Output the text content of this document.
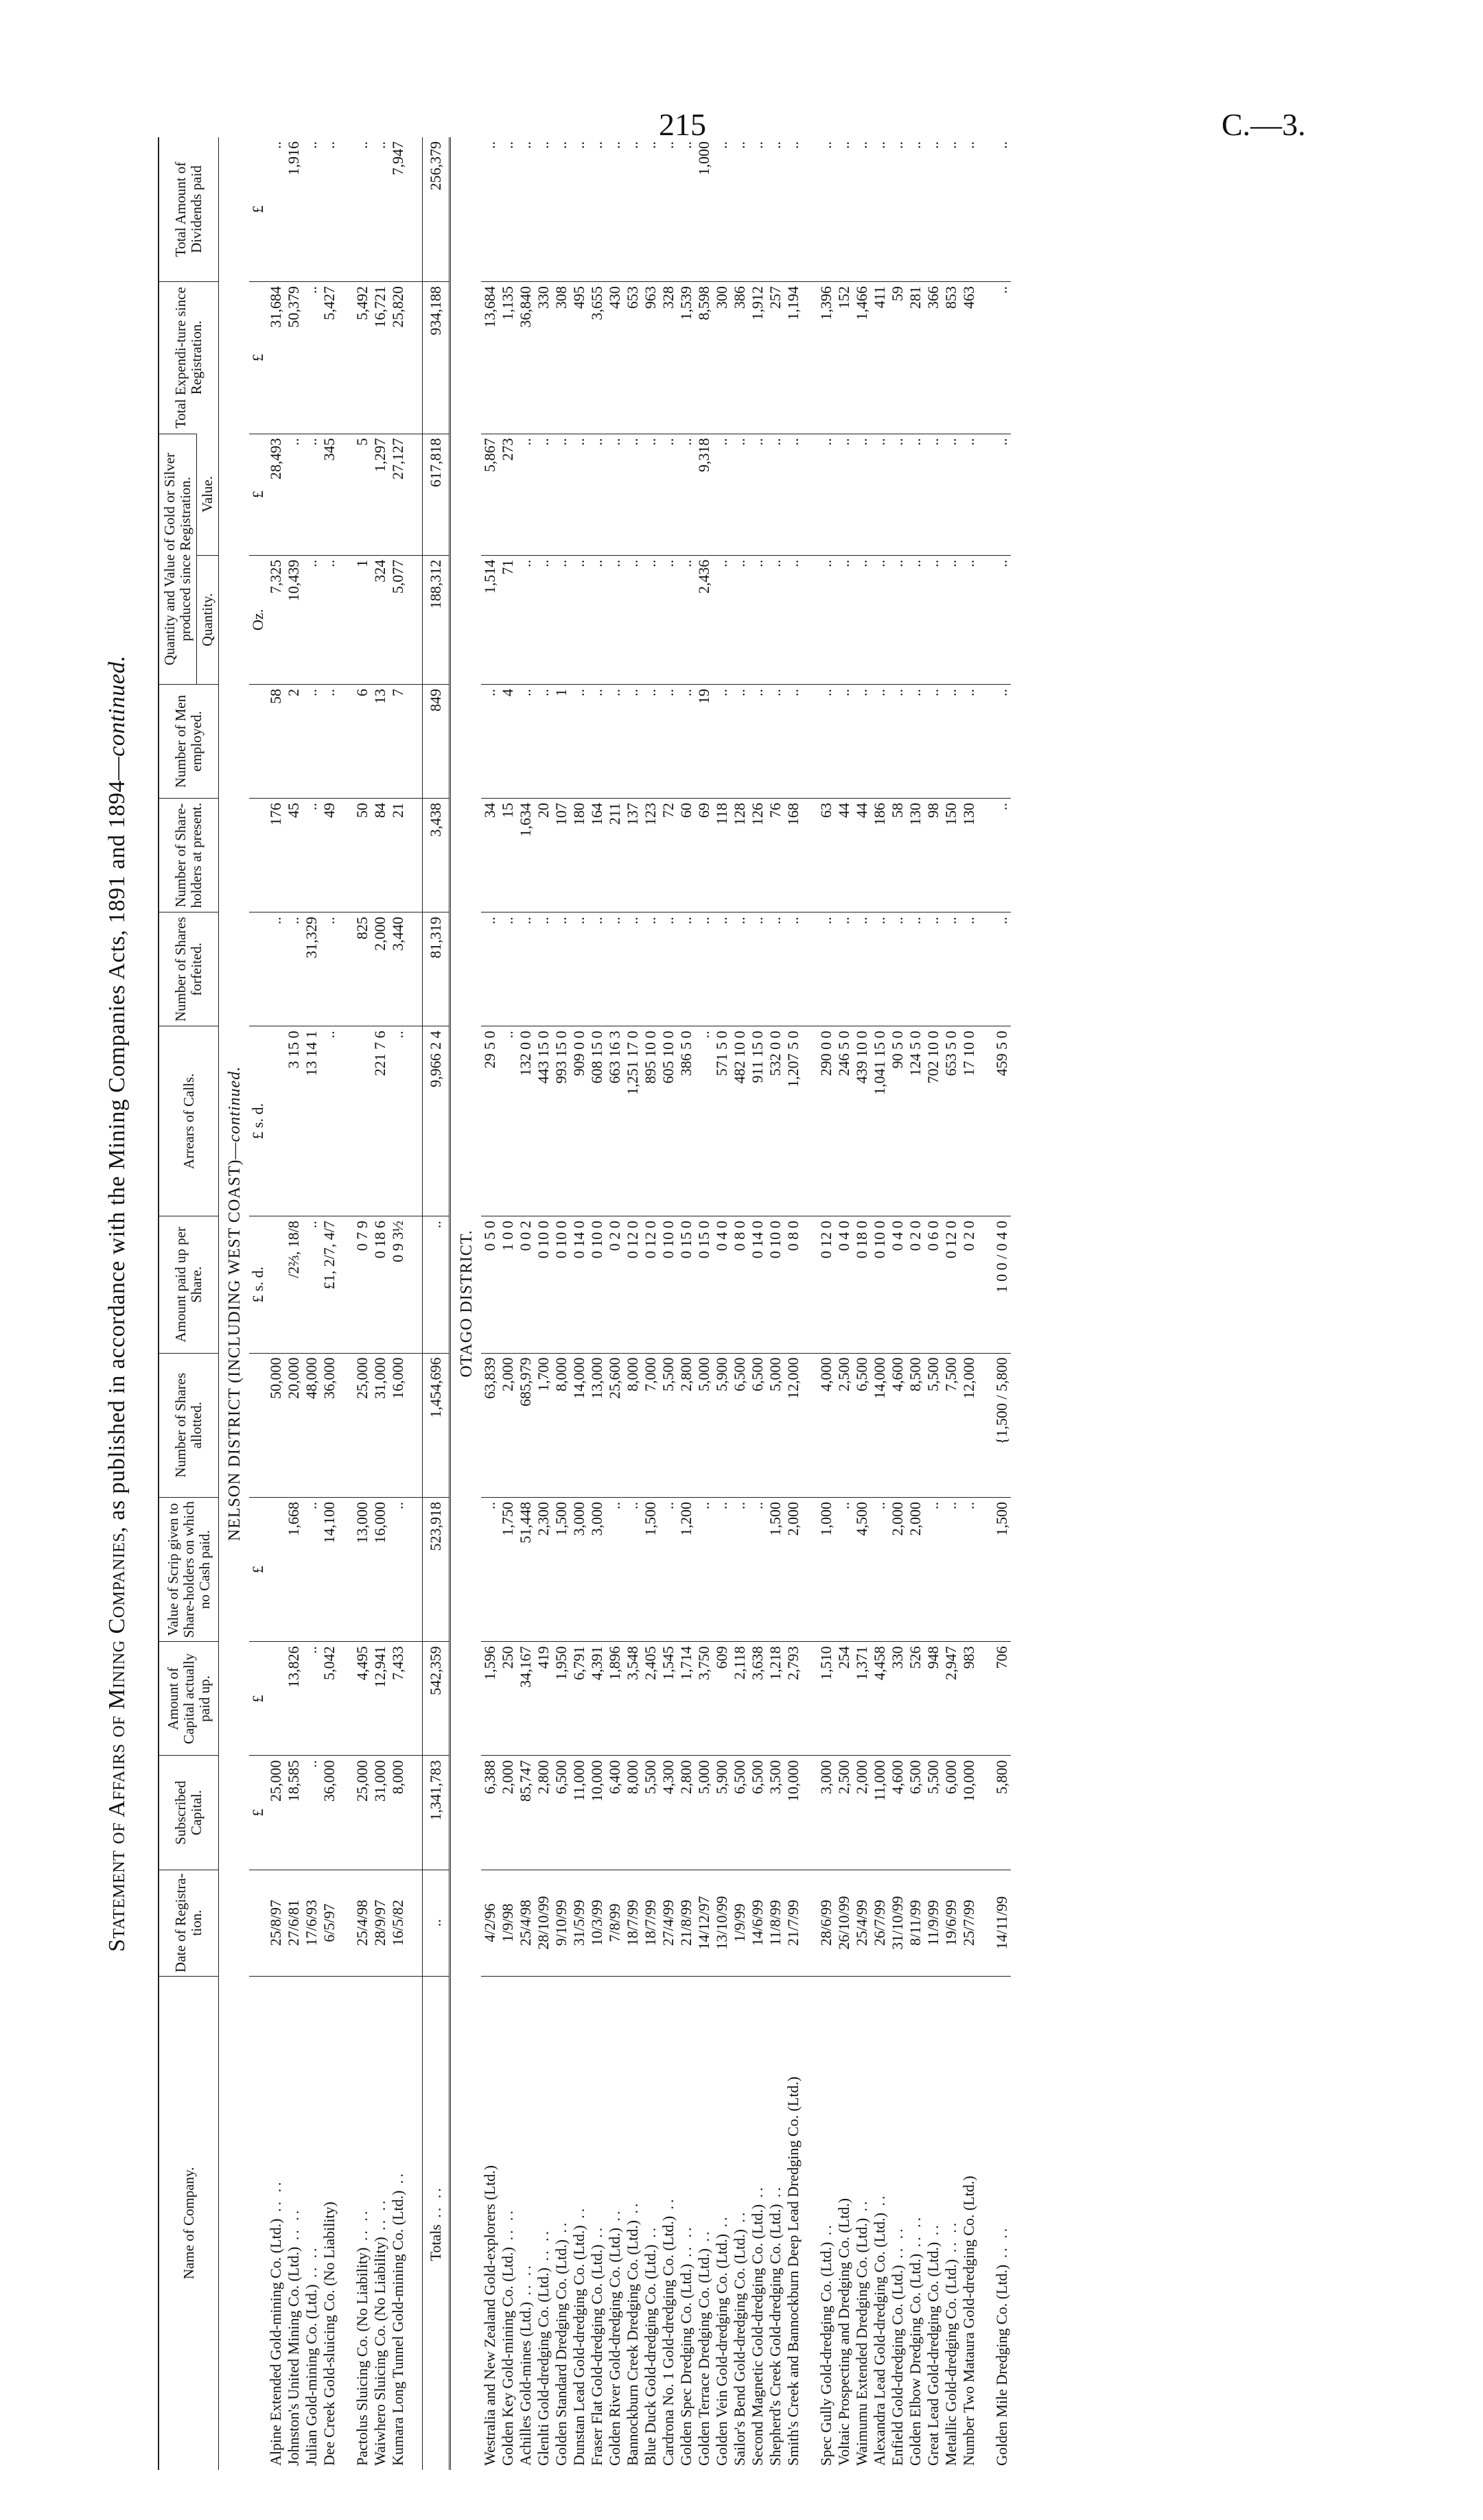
215	C.—3.
Statement of Affairs of Mining Companies, as published in accordance with the Mining Companies Acts, 1891 and 1894—continued.
Name of Company.	Date of Registra-tion.	Subscribed Capital.	Amount of Capital actually paid up.	Value of Scrip given to Share-holders on which no Cash paid.	Number of Shares allotted.	Amount paid up per Share.	Arrears of Calls.	Number of Shares forfeited.	Number of Share-holders at present.	Number of Men employed.	Quantity and Value of Gold or Silver produced since Registration.		Total Expendi-ture since Registration.	Total Amount of Dividends paid
											Quantity.	Value.		
NELSON DISTRICT (INCLUDING WEST COAST)—continued.														
		£	£	£		£ s. d.	£ s. d.				Oz.	£	£	£
Alpine Extended Gold-mining Co. (Ltd.) .. ..	25/8/97	25,000			50,000			..	176	58	7,325	28,493	31,684	..
Johnston's United Mining Co. (Ltd.) .. ..	27/6/81	18,585	13,826	1,668	20,000	/2⅔, 18/8	3 15 0	..	45	2	10,439	..	50,379	1,916
Julian Gold-mining Co. (Ltd.) .. ..	17/6/93	..	..	..	48,000	..	13 14 1	31,329	..	..	..	..	..	..
Dee Creek Gold-sluicing Co. (No Liability)	6/5/97	36,000	5,042	14,100	36,000	£1, 2/7, 4/7	..	..	49	..	..	345	5,427	..

Pactolus Sluicing Co. (No Liability) .. ..	25/4/98	25,000	4,495	13,000	25,000	0 7 9		825	50	6	1	5	5,492	..
Waiwhero Sluicing Co. (No Liability) .. ..	28/9/97	31,000	12,941	16,000	31,000	0 18 6	221 7 6	2,000	84	13	324	1,297	16,721	..
Kumara Long Tunnel Gold-mining Co. (Ltd.) ..	16/5/82	8,000	7,433	..	16,000	0 9 3½	..	3,440	21	7	5,077	27,127	25,820	7,947

Totals .. ..	..	1,341,783	542,359	523,918	1,454,696	..	9,966 2 4	81,319	3,438	849	188,312	617,818	934,188	256,379
OTAGO DISTRICT.														
Westralia and New Zealand Gold-explorers (Ltd.)	4/2/96	6,388	1,596	..	63,839	0 5 0	29 5 0	..	34	..	1,514	5,867	13,684	..
Golden Key Gold-mining Co. (Ltd.) .. ..	1/9/98	2,000	250	1,750	2,000	1 0 0	..	..	15	4	71	273	1,135	..
Achilles Gold-mines (Ltd.) .. ..	25/4/98	85,747	34,167	51,448	685,979	0 0 2	132 0 0	..	1,634	..	..	..	36,840	..
Glenlti Gold-dredging Co. (Ltd.) .. ..	28/10/99	2,800	419	2,300	1,700	0 10 0	443 15 0	..	20	..	..	..	330	..
Golden Standard Dredging Co. (Ltd.) ..	9/10/99	6,500	1,950	1,500	8,000	0 10 0	993 15 0	..	107	1	..	..	308	..
Dunstan Lead Gold-dredging Co. (Ltd.) ..	31/5/99	11,000	6,791	3,000	14,000	0 14 0	909 0 0	..	180	..	..	..	495	..
Fraser Flat Gold-dredging Co. (Ltd.) ..	10/3/99	10,000	4,391	3,000	13,000	0 10 0	608 15 0	..	164	..	..	..	3,655	..
Golden River Gold-dredging Co. (Ltd.) ..	7/8/99	6,400	1,896	..	25,600	0 2 0	663 16 3	..	211	..	..	..	430	..
Bannockburn Creek Dredging Co. (Ltd.) ..	18/7/99	8,000	3,548	..	8,000	0 12 0	1,251 17 0	..	137	..	..	..	653	..
Blue Duck Gold-dredging Co. (Ltd.) ..	18/7/99	5,500	2,405	1,500	7,000	0 12 0	895 10 0	..	123	..	..	..	963	..
Cardrona No. 1 Gold-dredging Co. (Ltd.) ..	27/4/99	4,300	1,545	..	5,500	0 10 0	605 10 0	..	72	..	..	..	328	..
Golden Spec Dredging Co. (Ltd.) .. ..	21/8/99	2,800	1,714	1,200	2,800	0 15 0	386 5 0	..	60	..	..	..	1,539	..
Golden Terrace Dredging Co. (Ltd.) ..	14/12/97	5,000	3,750	..	5,000	0 15 0	..	..	69	19	2,436	9,318	8,598	1,000
Golden Vein Gold-dredging Co. (Ltd.) ..	13/10/99	5,900	609	..	5,900	0 4 0	571 5 0	..	118	..	..	..	300	..
Sailor's Bend Gold-dredging Co. (Ltd.) ..	1/9/99	6,500	2,118	..	6,500	0 8 0	482 10 0	..	128	..	..	..	386	..
Second Magnetic Gold-dredging Co. (Ltd.) ..	14/6/99	6,500	3,638	..	6,500	0 14 0	911 15 0	..	126	..	..	..	1,912	..
Shepherd's Creek Gold-dredging Co. (Ltd.) ..	11/8/99	3,500	1,218	1,500	5,000	0 10 0	532 0 0	..	76	..	..	..	257	..
Smith's Creek and Bannockburn Deep Lead Dredging Co. (Ltd.)	21/7/99	10,000	2,793	2,000	12,000	0 8 0	1,207 5 0	..	168	..	..	..	1,194	..

Spec Gully Gold-dredging Co. (Ltd.) ..	28/6/99	3,000	1,510	1,000	4,000	0 12 0	290 0 0	..	63	..	..	..	1,396	..
Voltaic Prospecting and Dredging Co. (Ltd.)	26/10/99	2,500	254	..	2,500	0 4 0	246 5 0	..	44	..	..	..	152	..
Waimumu Extended Dredging Co. (Ltd.) ..	25/4/99	2,000	1,371	4,500	6,500	0 18 0	439 10 0	..	44	..	..	..	1,466	..
Alexandra Lead Gold-dredging Co. (Ltd.) ..	26/7/99	11,000	4,458	..	14,000	0 10 0	1,041 15 0	..	186	..	..	..	411	..
Enfield Gold-dredging Co. (Ltd.) .. ..	31/10/99	4,600	330	2,000	4,600	0 4 0	90 5 0	..	58	..	..	..	59	..
Golden Elbow Dredging Co. (Ltd.) .. ..	8/11/99	6,500	526	2,000	8,500	0 2 0	124 5 0	..	130	..	..	..	281	..
Great Lead Gold-dredging Co. (Ltd.) ..	11/9/99	5,500	948	..	5,500	0 6 0	702 10 0	..	98	..	..	..	366	..
Metallic Gold-dredging Co. (Ltd.) .. ..	19/6/99	6,000	2,947	..	7,500	0 12 0	653 5 0	..	150	..	..	..	853	..
Number Two Mataura Gold-dredging Co. (Ltd.)	25/7/99	10,000	983	..	12,000	0 2 0	17 10 0	..	130	..	..	..	463	..

Golden Mile Dredging Co. (Ltd.) .. ..	14/11/99	5,800	706	1,500	{1,500 / 5,800	1 0 0 / 0 4 0	459 5 0	..	..	..	..	..	..	..
